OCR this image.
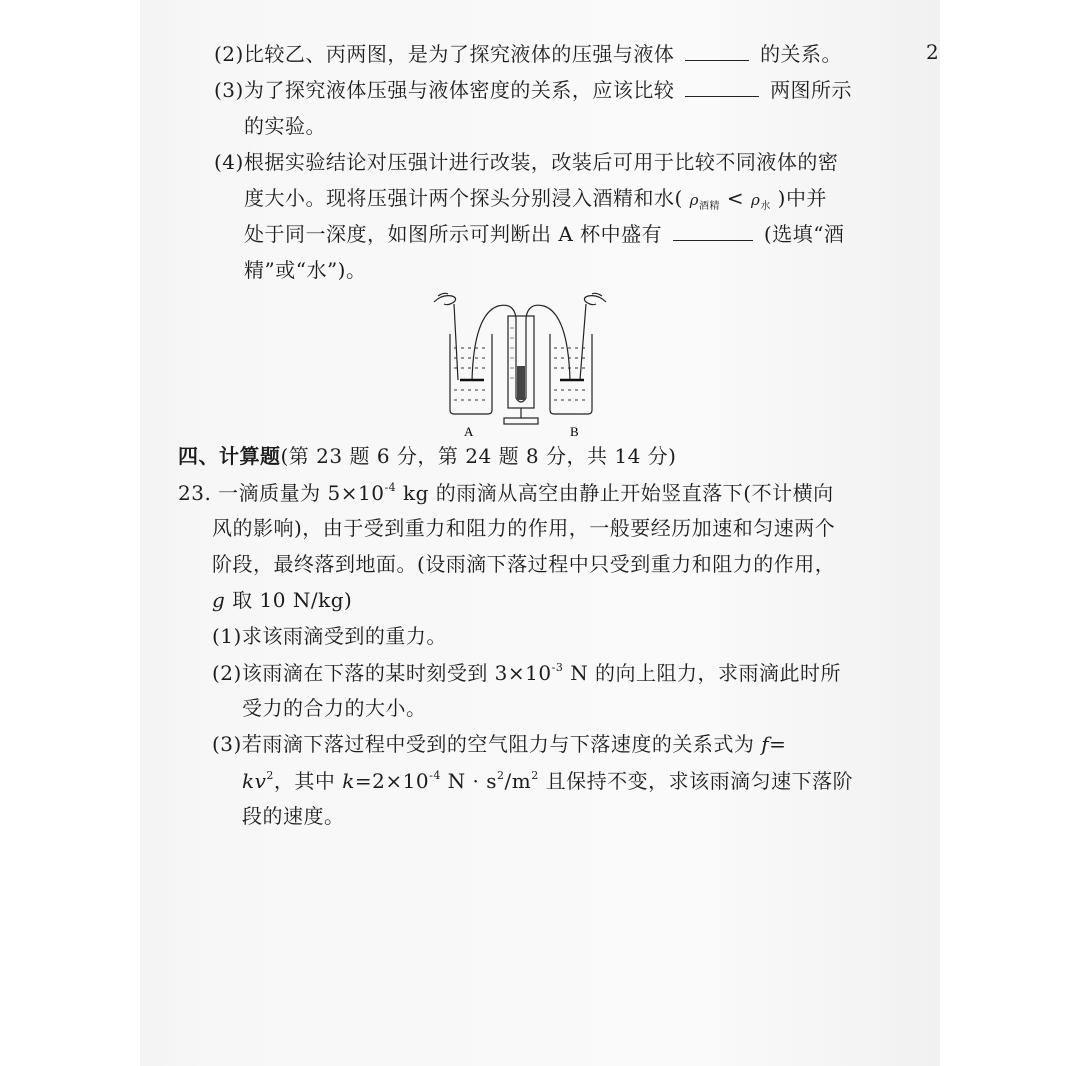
2
(2)比较乙、丙两图，是为了探究液体的压强与液体	的关系。
(3)为了探究液体压强与液体密度的关系，应该比较	两图所示
的实验。
(4)根据实验结论对压强计进行改装，改装后可用于比较不同液体的密
度大小。现将压强计两个探头分别浸入酒精和水( $\rho_{酒精} < \rho_水$ )中并
处于同一深度，如图所示可判断出 A 杯中盛有	(选填“酒
精”或“水”)。
A	B
四、计算题(第 23 题 6 分，第 24 题 8 分，共 14 分)
23. 一滴质量为 $5\times 10^{-4}$ kg 的雨滴从高空由静止开始竖直落下(不计横向
风的影响)，由于受到重力和阻力的作用，一般要经历加速和匀速两个
阶段，最终落到地面。(设雨滴下落过程中只受到重力和阻力的作用，
g 取 10 N/kg)
(1)求该雨滴受到的重力。
(2)该雨滴在下落的某时刻受到 $3\times 10^{-3}$ N 的向上阻力，求雨滴此时所
受力的合力的大小。
(3)若雨滴下落过程中受到的空气阻力与下落速度的关系式为 f=
$kv^2$，其中 $k=2\times 10^{-4}$ $N \cdot s^2/m^2$ 且保持不变，求该雨滴匀速下落阶
段的速度。
